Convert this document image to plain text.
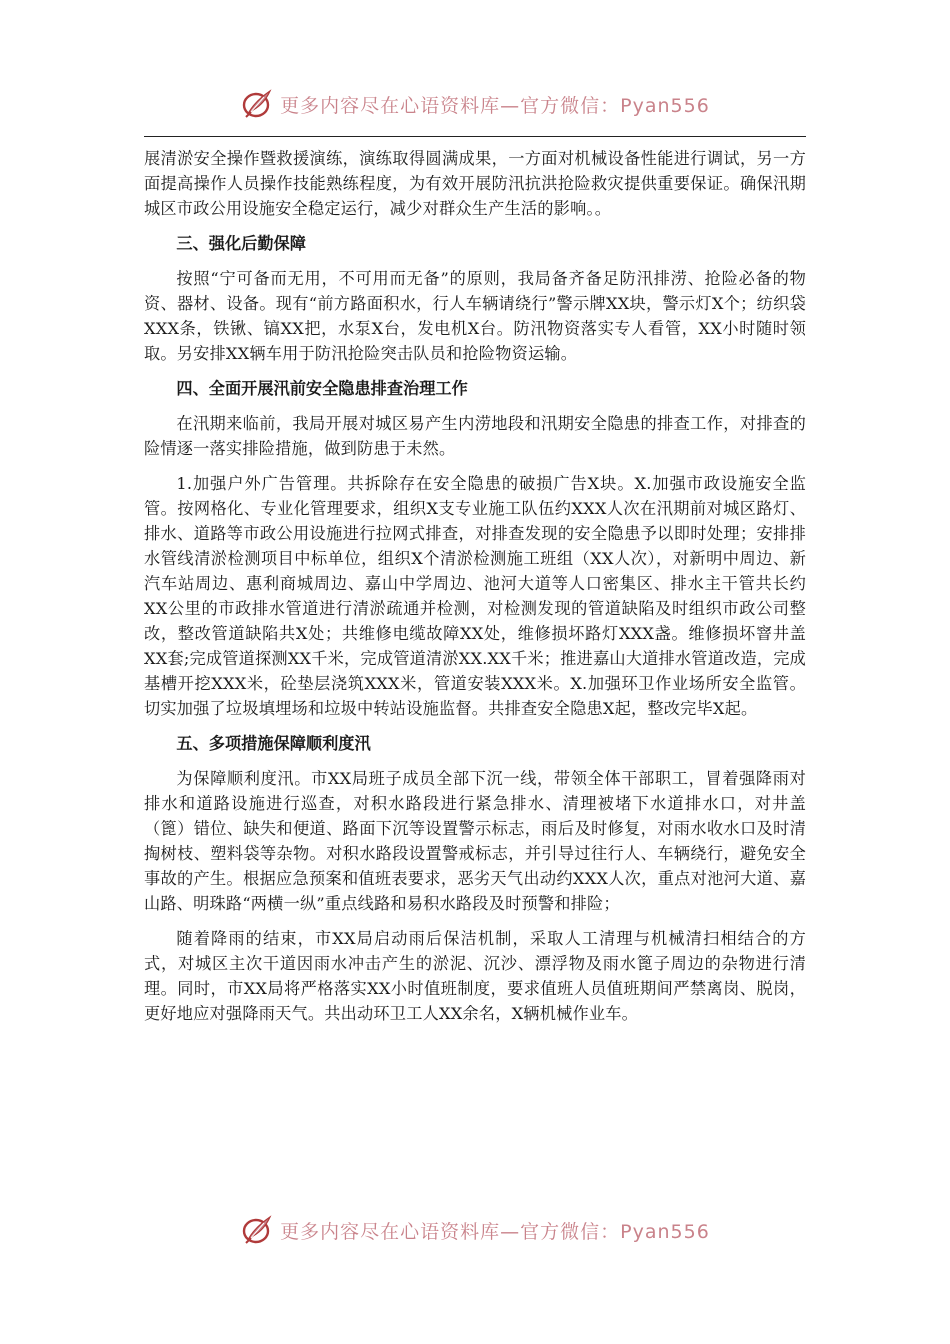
更多内容尽在心语资料库—官方微信：Pyan556

展清淤安全操作暨救援演练，演练取得圆满成果，一方面对机械设备性能进行调试，另一方面提高操作人员操作技能熟练程度，为有效开展防汛抗洪抢险救灾提供重要保证。确保汛期城区市政公用设施安全稳定运行，减少对群众生产生活的影响。。

三、强化后勤保障

按照“宁可备而无用，不可用而无备”的原则，我局备齐备足防汛排涝、抢险必备的物资、器材、设备。现有“前方路面积水，行人车辆请绕行”警示牌XX块，警示灯X个；纺织袋XXX条，铁锹、镐XX把，水泵X台，发电机X台。防汛物资落实专人看管，XX小时随时领取。另安排XX辆车用于防汛抢险突击队员和抢险物资运输。

四、全面开展汛前安全隐患排查治理工作

在汛期来临前，我局开展对城区易产生内涝地段和汛期安全隐患的排查工作，对排查的险情逐一落实排险措施，做到防患于未然。

1.加强户外广告管理。共拆除存在安全隐患的破损广告X块。X.加强市政设施安全监管。按网格化、专业化管理要求，组织X支专业施工队伍约XXX人次在汛期前对城区路灯、排水、道路等市政公用设施进行拉网式排查，对排查发现的安全隐患予以即时处理；安排排水管线清淤检测项目中标单位，组织X个清淤检测施工班组（XX人次），对新明中周边、新汽车站周边、惠利商城周边、嘉山中学周边、池河大道等人口密集区、排水主干管共长约XX公里的市政排水管道进行清淤疏通并检测，对检测发现的管道缺陷及时组织市政公司整改，整改管道缺陷共X处；共维修电缆故障XX处，维修损坏路灯XXX盏。维修损坏窨井盖XX套;完成管道探测XX千米，完成管道清淤XX.XX千米；推进嘉山大道排水管道改造，完成基槽开挖XXX米，砼垫层浇筑XXX米，管道安装XXX米。X.加强环卫作业场所安全监管。切实加强了垃圾填埋场和垃圾中转站设施监督。共排查安全隐患X起，整改完毕X起。

五、多项措施保障顺利度汛

为保障顺利度汛。市XX局班子成员全部下沉一线，带领全体干部职工，冒着强降雨对排水和道路设施进行巡查，对积水路段进行紧急排水、清理被堵下水道排水口，对井盖（篦）错位、缺失和便道、路面下沉等设置警示标志，雨后及时修复，对雨水收水口及时清掏树枝、塑料袋等杂物。对积水路段设置警戒标志，并引导过往行人、车辆绕行，避免安全事故的产生。根据应急预案和值班表要求，恶劣天气出动约XXX人次，重点对池河大道、嘉山路、明珠路“两横一纵”重点线路和易积水路段及时预警和排险；

随着降雨的结束，市XX局启动雨后保洁机制，采取人工清理与机械清扫相结合的方式，对城区主次干道因雨水冲击产生的淤泥、沉沙、漂浮物及雨水篦子周边的杂物进行清理。同时，市XX局将严格落实XX小时值班制度，要求值班人员值班期间严禁离岗、脱岗，更好地应对强降雨天气。共出动环卫工人XX余名，X辆机械作业车。

更多内容尽在心语资料库—官方微信：Pyan556
